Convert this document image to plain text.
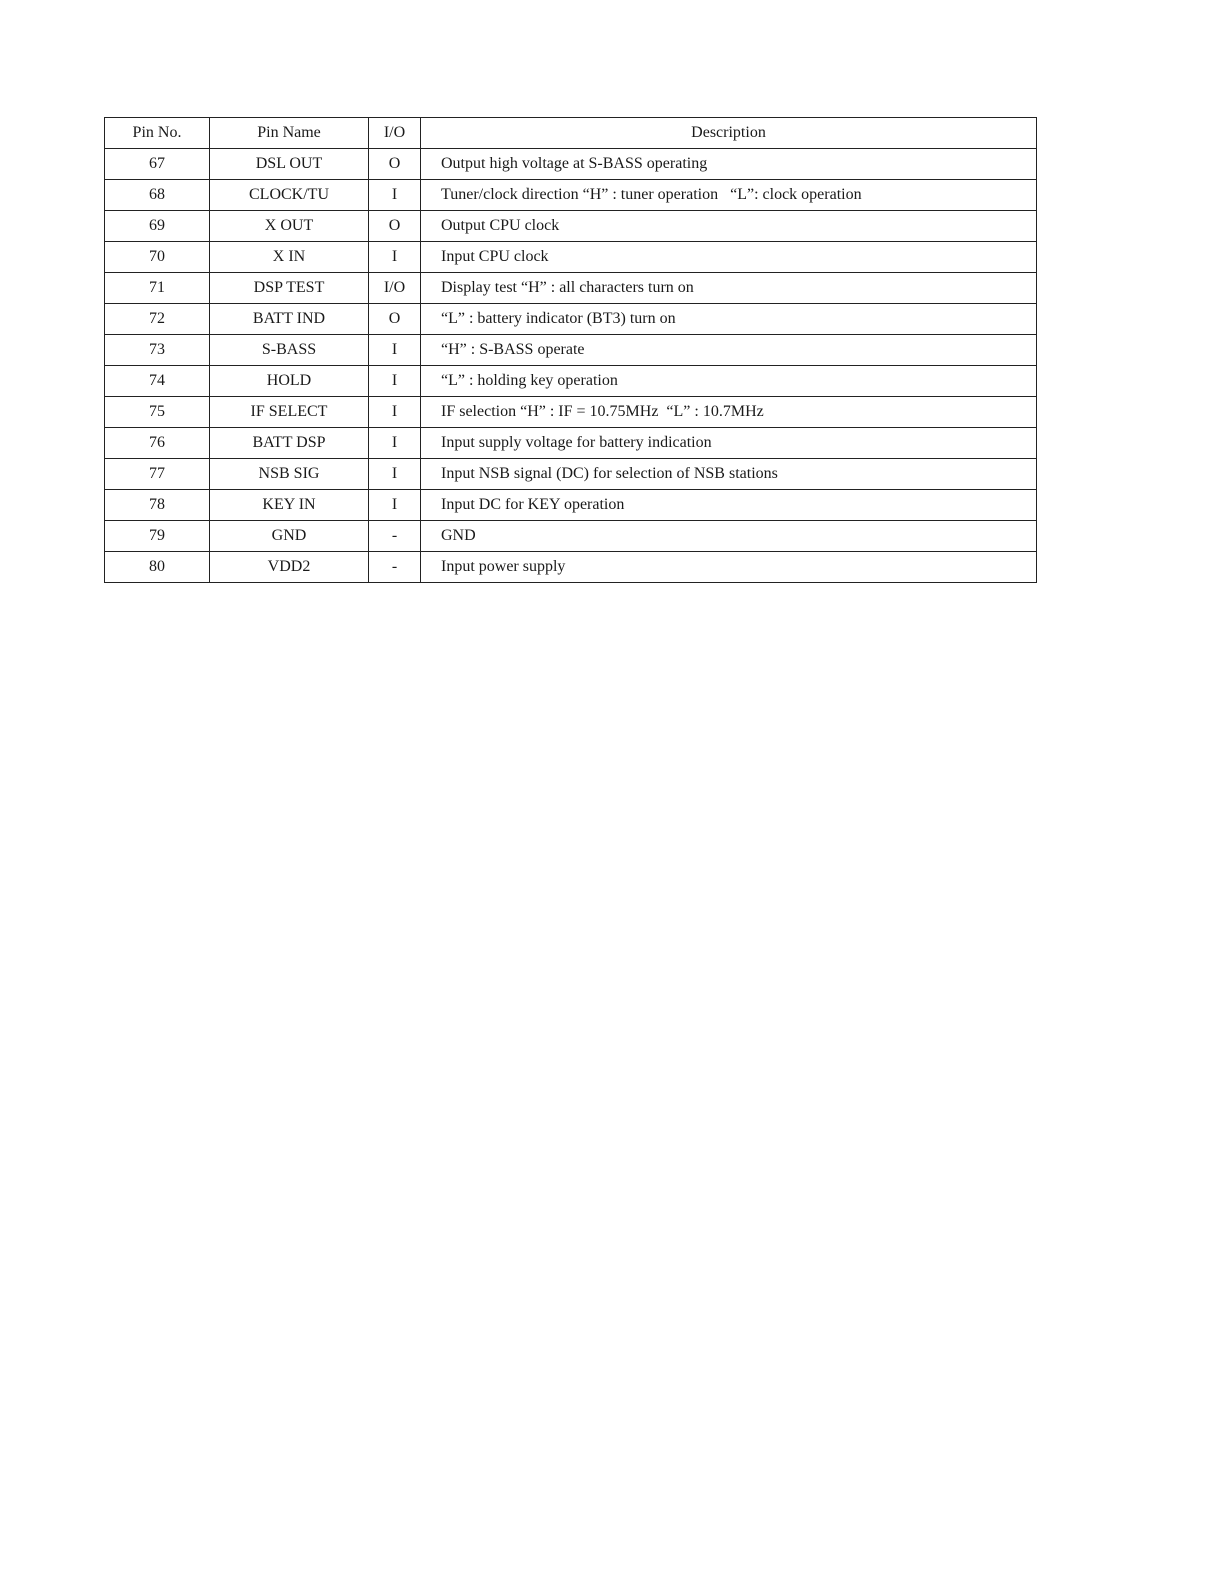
Pin No.	Pin Name	I/O	Description
67	DSL OUT	O	Output high voltage at S-BASS operating
68	CLOCK/TU	I	Tuner/clock direction “H” : tuner operation   “L”: clock operation
69	X OUT	O	Output CPU clock
70	X IN	I	Input CPU clock
71	DSP TEST	I/O	Display test “H” : all characters turn on
72	BATT IND	O	“L” : battery indicator (BT3) turn on
73	S-BASS	I	“H” : S-BASS operate
74	HOLD	I	“L” : holding key operation
75	IF SELECT	I	IF selection “H” : IF = 10.75MHz  “L” : 10.7MHz
76	BATT DSP	I	Input supply voltage for battery indication
77	NSB SIG	I	Input NSB signal (DC) for selection of NSB stations
78	KEY IN	I	Input DC for KEY operation
79	GND	-	GND
80	VDD2	-	Input power supply
